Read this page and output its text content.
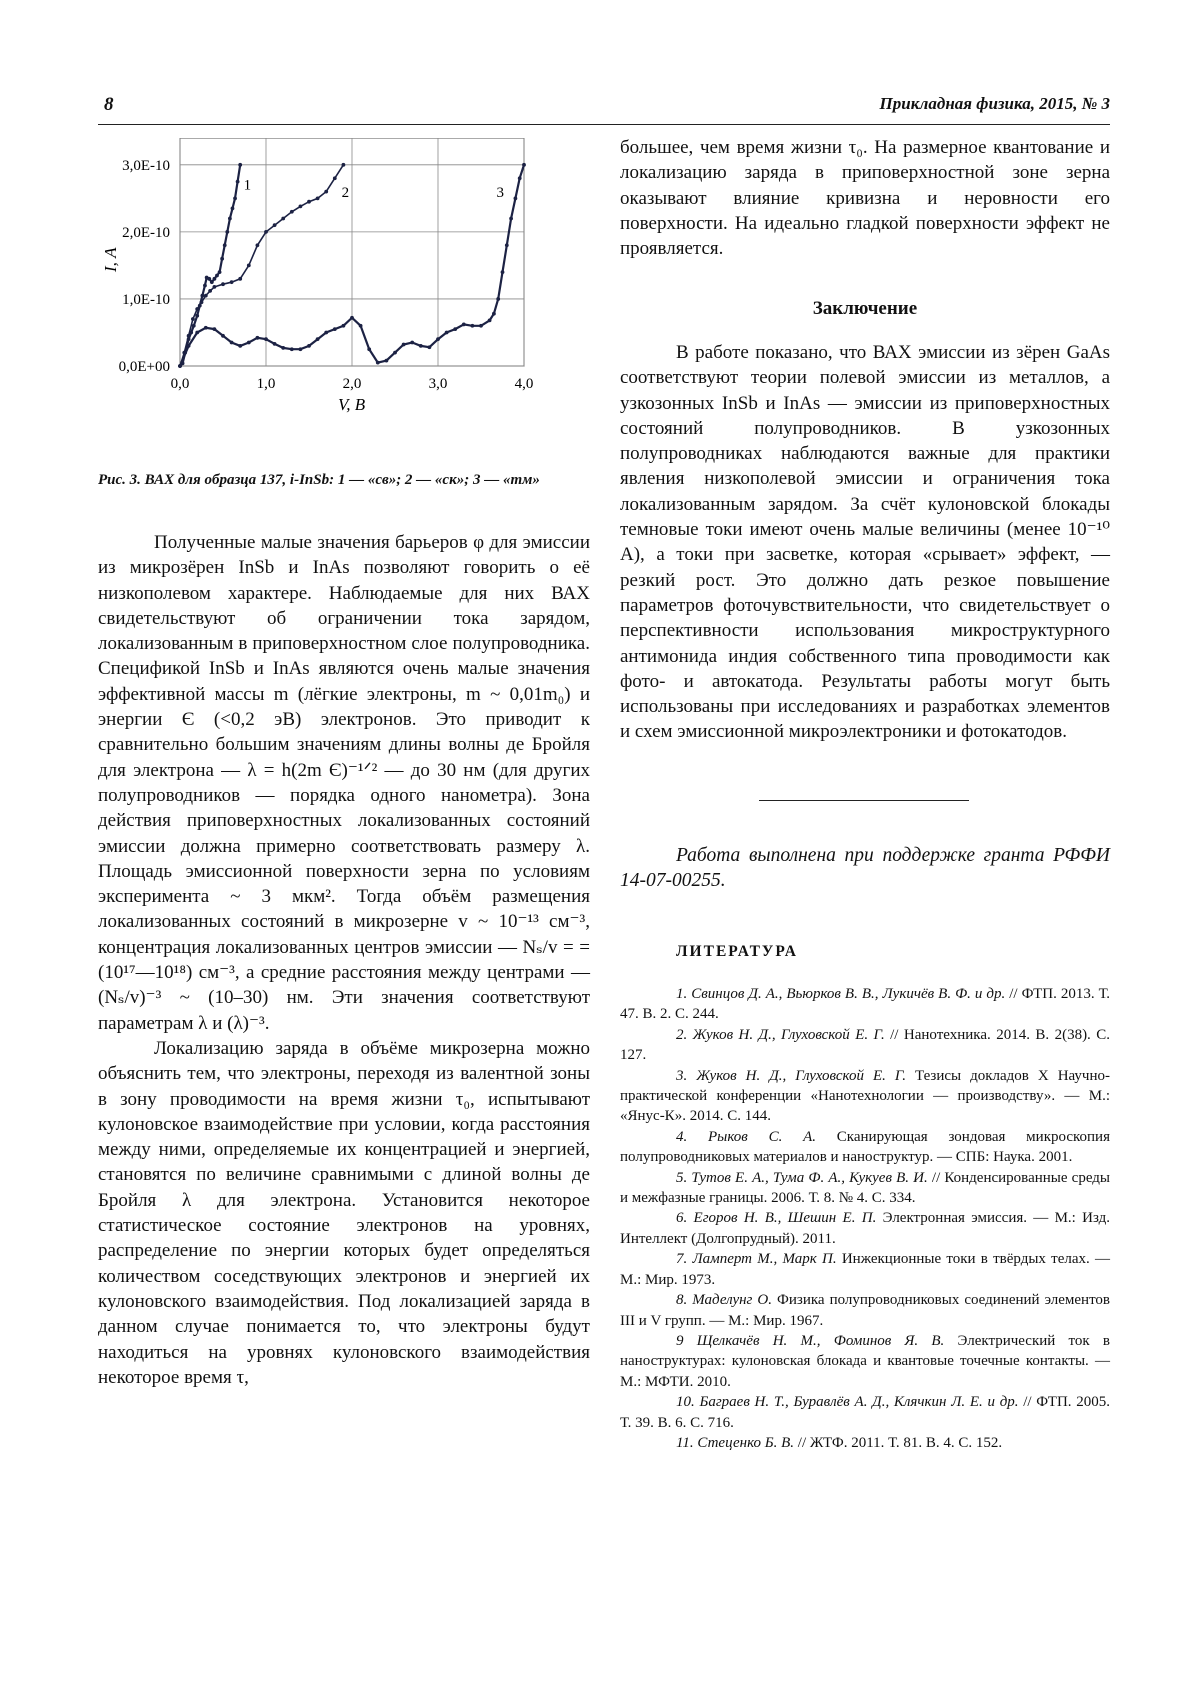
8	Прикладная физика, 2015, № 3
0,0	1,0	2,0	3,0	4,0
0,0E+00
1,0E-10
2,0E-10
3,0E-10
1	2	3
I, А
V, В
Рис. 3. ВАХ для образца 137, i-InSb: 1 — «св»; 2 — «ск»; 3 — «тм»

Полученные малые значения барьеров φ для эмиссии из микрозёрен InSb и InAs позволяют говорить о её низкополевом характере. Наблюдаемые для них ВАХ свидетельствуют об ограничении тока зарядом, локализованным в приповерхностном слое полупроводника. Спецификой InSb и InAs являются очень малые значения эффективной массы m (лёгкие электроны, m ~ 0,01m₀) и энергии Є (<0,2 эВ) электронов. Это приводит к сравнительно большим значениям длины волны де Бройля для электрона — λ = h(2m Є)⁻¹ᐟ² — до 30 нм (для других полупроводников — порядка одного нанометра). Зона действия приповерхностных локализованных состояний эмиссии должна примерно соответствовать размеру λ. Площадь эмиссионной поверхности зерна по условиям эксперимента ~ 3 мкм². Тогда объём размещения локализованных состояний в микрозерне v ~ 10⁻¹³ см⁻³, концентрация локализованных центров эмиссии — Nₛ/v = = (10¹⁷—10¹⁸) см⁻³, а средние расстояния между центрами — (Nₛ/v)⁻³ ~ (10–30) нм. Эти значения соответствуют параметрам λ и (λ)⁻³.

Локализацию заряда в объёме микрозерна можно объяснить тем, что электроны, переходя из валентной зоны в зону проводимости на время жизни τ₀, испытывают кулоновское взаимодействие при условии, когда расстояния между ними, определяемые их концентрацией и энергией, становятся по величине сравнимыми с длиной волны де Бройля λ для электрона. Установится некоторое статистическое состояние электронов на уровнях, распределение по энергии которых будет определяться количеством соседствующих электронов и энергией их кулоновского взаимодействия. Под локализацией заряда в данном случае понимается то, что электроны будут находиться на уровнях кулоновского взаимодействия некоторое время τ,

большее, чем время жизни τ₀. На размерное квантование и локализацию заряда в приповерхностной зоне зерна оказывают влияние кривизна и неровности его поверхности. На идеально гладкой поверхности эффект не проявляется.

Заключение

В работе показано, что ВАХ эмиссии из зёрен GaAs соответствуют теории полевой эмиссии из металлов, а узкозонных InSb и InAs — эмиссии из приповерхностных состояний полупроводников. В узкозонных полупроводниках наблюдаются важные для практики явления низкополевой эмиссии и ограничения тока локализованным зарядом. За счёт кулоновской блокады темновые токи имеют очень малые величины (менее 10⁻¹⁰ А), а токи при засветке, которая «срывает» эффект, — резкий рост. Это должно дать резкое повышение параметров фоточувствительности, что свидетельствует о перспективности использования микроструктурного антимонида индия собственного типа проводимости как фото- и автокатода. Результаты работы могут быть использованы при исследованиях и разработках элементов и схем эмиссионной микроэлектроники и фотокатодов.

Работа выполнена при поддержке гранта РФФИ 14-07-00255.
ЛИТЕРАТУРА

1. Свинцов Д. А., Вьюрков В. В., Лукичёв В. Ф. и др. // ФТП. 2013. Т. 47. В. 2. С. 244.

2. Жуков Н. Д., Глуховской Е. Г. // Нанотехника. 2014. В. 2(38). С. 127.

3. Жуков Н. Д., Глуховской Е. Г. Тезисы докладов X Научно-практической конференции «Нанотехнологии — производству». — М.: «Янус-К». 2014. С. 144.

4. Рыков С. А. Сканирующая зондовая микроскопия полупроводниковых материалов и наноструктур. — СПБ: Наука. 2001.

5. Тутов Е. А., Тума Ф. А., Кукуев В. И. // Конденсированные среды и межфазные границы. 2006. Т. 8. № 4. С. 334.

6. Егоров Н. В., Шешин Е. П. Электронная эмиссия. — М.: Изд. Интеллект (Долгопрудный). 2011.

7. Ламперт М., Марк П. Инжекционные токи в твёрдых телах. — М.: Мир. 1973.

8. Маделунг О. Физика полупроводниковых соединений элементов III и V групп. — М.: Мир. 1967.

9 Щелкачёв Н. М., Фоминов Я. В. Электрический ток в наноструктурах: кулоновская блокада и квантовые точечные контакты. — М.: МФТИ. 2010.

10. Баграев Н. Т., Буравлёв А. Д., Клячкин Л. Е. и др. // ФТП. 2005. Т. 39. В. 6. С. 716.

11. Стеценко Б. В. // ЖТФ. 2011. Т. 81. В. 4. С. 152.
